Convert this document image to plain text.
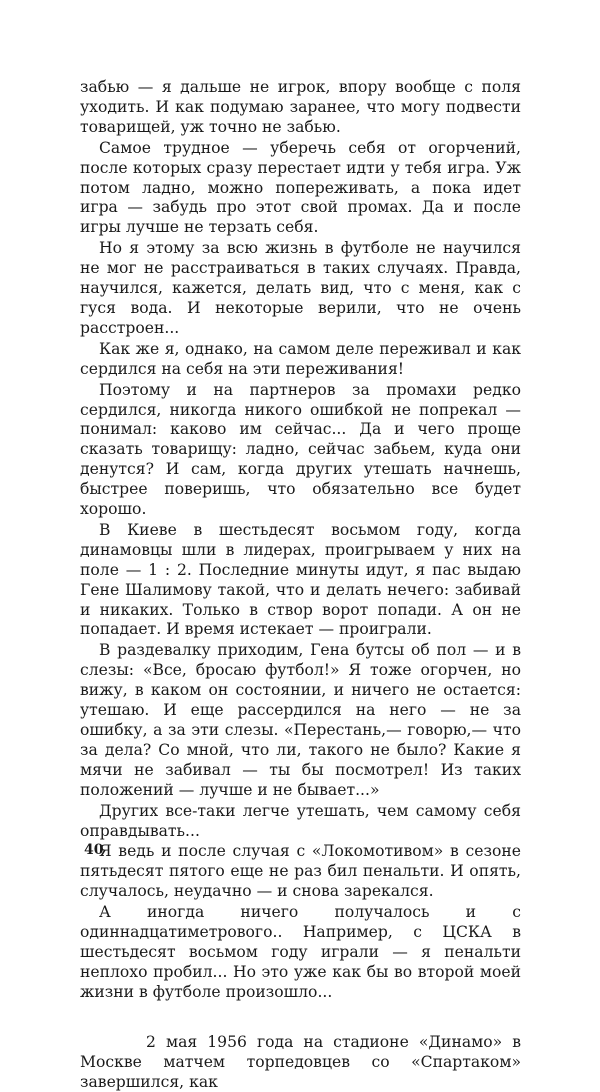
забью — я дальше не игрок, впору вообще с поля уходить. И как подумаю заранее, что могу подвести товарищей, уж точно не забью.

Самое трудное — уберечь себя от огорчений, после которых сразу перестает идти у тебя игра. Уж потом ладно, можно попереживать, а пока идет игра — забудь про этот свой промах. Да и после игры лучше не терзать себя.

Но я этому за всю жизнь в футболе не научился не мог не расстраиваться в таких случаях. Правда, научился, кажется, делать вид, что с меня, как с гуся вода. И некоторые верили, что не очень расстроен...

Как же я, однако, на самом деле переживал и как сердился на себя на эти переживания!

Поэтому и на партнеров за промахи редко сердился, никогда никого ошибкой не попрекал — понимал: каково им сейчас... Да и чего проще сказать товарищу: ладно, сейчас забьем, куда они денутся? И сам, когда других утешать начнешь, быстрее поверишь, что обязательно все будет хорошо.

В Киеве в шестьдесят восьмом году, когда динамовцы шли в лидерах, проигрываем у них на поле — 1 : 2. Последние минуты идут, я пас выдаю Гене Шалимову такой, что и делать нечего: забивай и никаких. Только в створ ворот попади. А он не попадает. И время истекает — проиграли.

В раздевалку приходим, Гена бутсы об пол — и в слезы: «Все, бросаю футбол!» Я тоже огорчен, но вижу, в каком он состоянии, и ничего не остается: утешаю. И еще рассердился на него — не за ошибку, а за эти слезы. «Перестань,— говорю,— что за дела? Со мной, что ли, такого не было? Какие я мячи не забивал — ты бы посмотрел! Из таких положений — лучше и не бывает...»

Других все-таки легче утешать, чем самому себя оправдывать...

Я ведь и после случая с «Локомотивом» в сезоне пятьдесят пятого еще не раз бил пенальти. И опять, случалось, неудачно — и снова зарекался.

А иногда ничего получалось и с одиннадцатиметрового.. Например, с ЦСКА в шестьдесят восьмом году играли — я пенальти неплохо пробил... Но это уже как бы во второй моей жизни в футболе произошло...

2 мая 1956 года на стадионе «Динамо» в Москве матчем торпедовцев со «Спартаком» завершился, как

40
